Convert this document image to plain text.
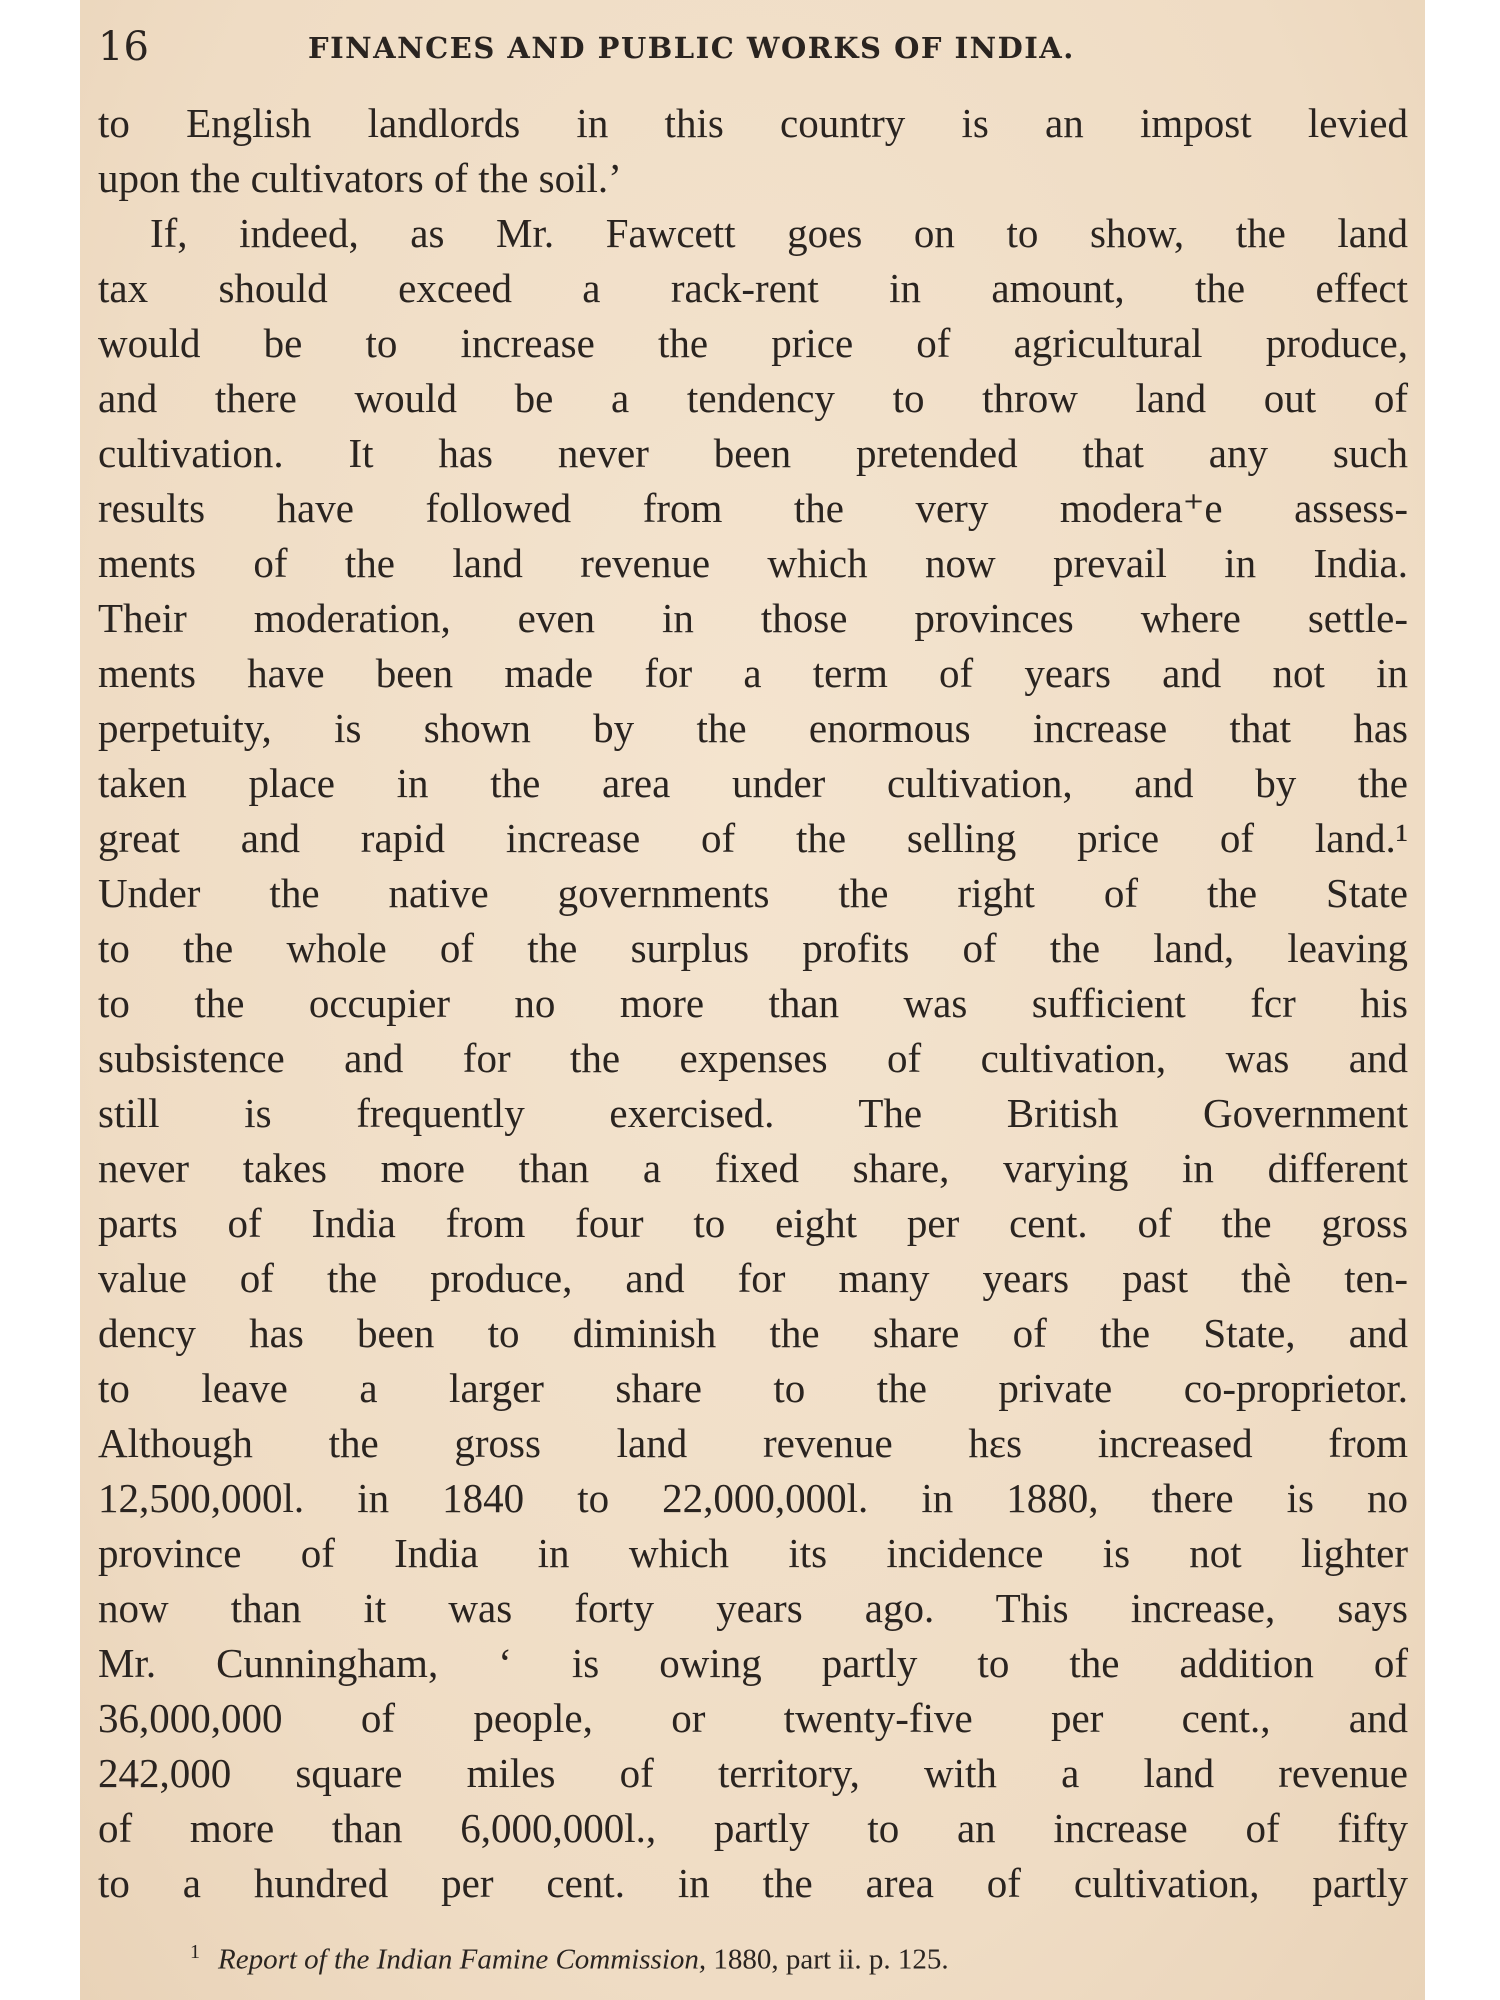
16	FINANCES AND PUBLIC WORKS OF INDIA.
to English landlords in this country is an impost levied
upon the cultivators of the soil.’
If, indeed, as Mr. Fawcett goes on to show, the land
tax should exceed a rack-rent in amount, the effect
would be to increase the price of agricultural produce,
and there would be a tendency to throw land out of
cultivation. It has never been pretended that any such
results have followed from the very modera⁺e assess-
ments of the land revenue which now prevail in India.
Their moderation, even in those provinces where settle-
ments have been made for a term of years and not in
perpetuity, is shown by the enormous increase that has
taken place in the area under cultivation, and by the
great and rapid increase of the selling price of land.¹
Under the native governments the right of the State
to the whole of the surplus profits of the land, leaving
to the occupier no more than was sufficient fcr his
subsistence and for the expenses of cultivation, was and
still is frequently exercised. The British Government
never takes more than a fixed share, varying in different
parts of India from four to eight per cent. of the gross
value of the produce, and for many years past thè ten-
dency has been to diminish the share of the State, and
to leave a larger share to the private co-proprietor.
Although the gross land revenue hεs increased from
12,500,000l. in 1840 to 22,000,000l. in 1880, there is no
province of India in which its incidence is not lighter
now than it was forty years ago. This increase, says
Mr. Cunningham, ‘ is owing partly to the addition of
36,000,000 of people, or twenty-five per cent., and
242,000 square miles of territory, with a land revenue
of more than 6,000,000l., partly to an increase of fifty
to a hundred per cent. in the area of cultivation, partly
$^1$ Report of the Indian Famine Commission, 1880, part ii. p. 125.
